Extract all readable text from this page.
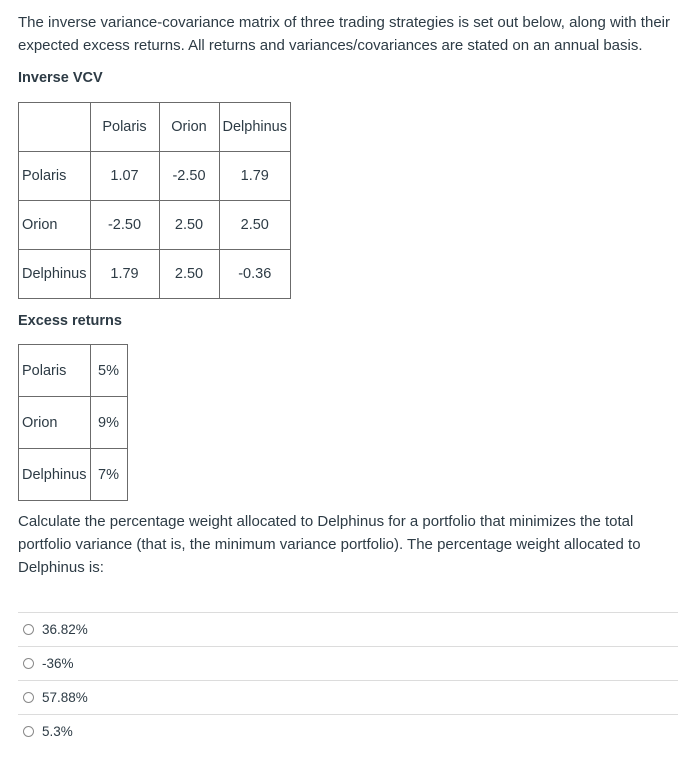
The inverse variance-covariance matrix of three trading strategies is set out below, along with their expected excess returns. All returns and variances/covariances are stated on an annual basis.

Inverse VCV

	Polaris	Orion	Delphinus
Polaris	1.07	-2.50	1.79
Orion	-2.50	2.50	2.50
Delphinus	1.79	2.50	-0.36

Excess returns

Polaris	5%
Orion	9%
Delphinus	7%

Calculate the percentage weight allocated to Delphinus for a portfolio that minimizes the total portfolio variance (that is, the minimum variance portfolio). The percentage weight allocated to Delphinus is:

36.82%
-36%
57.88%
5.3%
